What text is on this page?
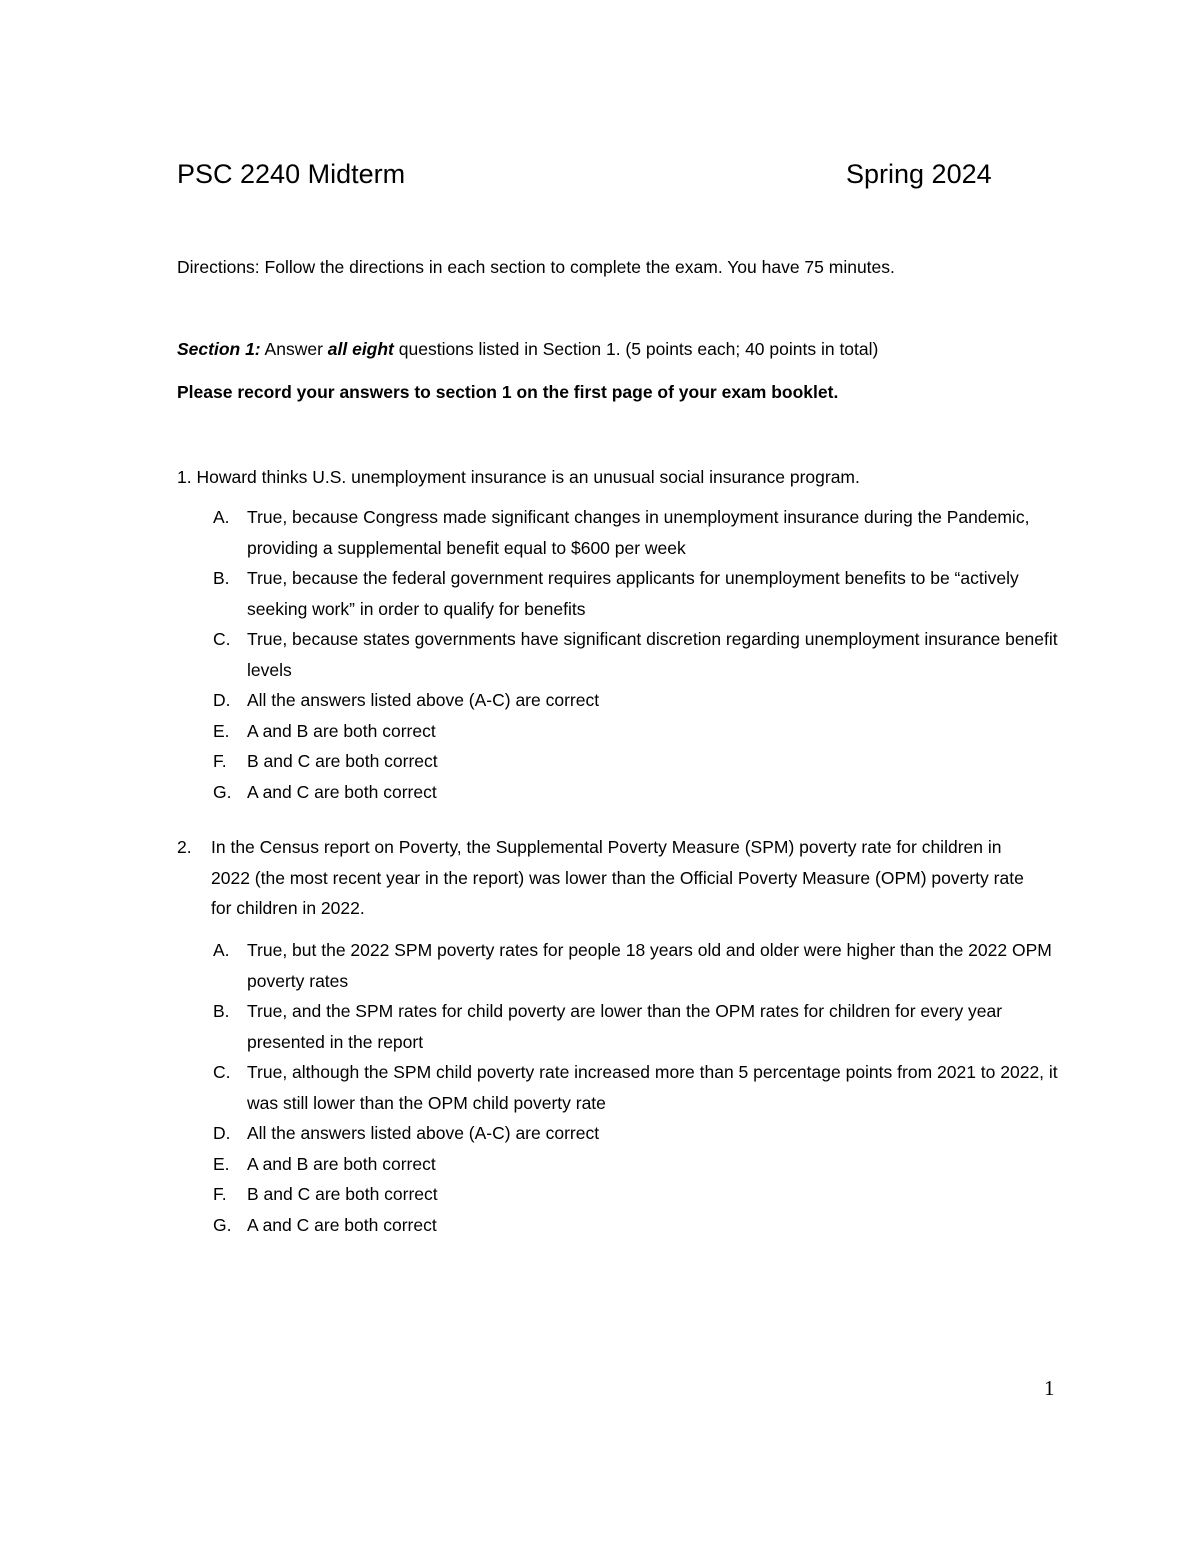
PSC 2240 Midterm	Spring 2024
Directions: Follow the directions in each section to complete the exam. You have 75 minutes.
Section 1: Answer all eight questions listed in Section 1. (5 points each; 40 points in total)
Please record your answers to section 1 on the first page of your exam booklet.
1. Howard thinks U.S. unemployment insurance is an unusual social insurance program.
A. True, because Congress made significant changes in unemployment insurance during the Pandemic, providing a supplemental benefit equal to $600 per week
B. True, because the federal government requires applicants for unemployment benefits to be “actively seeking work” in order to qualify for benefits
C. True, because states governments have significant discretion regarding unemployment insurance benefit levels
D. All the answers listed above (A-C) are correct
E. A and B are both correct
F. B and C are both correct
G. A and C are both correct
2. In the Census report on Poverty, the Supplemental Poverty Measure (SPM) poverty rate for children in 2022 (the most recent year in the report) was lower than the Official Poverty Measure (OPM) poverty rate for children in 2022.
A. True, but the 2022 SPM poverty rates for people 18 years old and older were higher than the 2022 OPM poverty rates
B. True, and the SPM rates for child poverty are lower than the OPM rates for children for every year presented in the report
C. True, although the SPM child poverty rate increased more than 5 percentage points from 2021 to 2022, it was still lower than the OPM child poverty rate
D. All the answers listed above (A-C) are correct
E. A and B are both correct
F. B and C are both correct
G. A and C are both correct
1
